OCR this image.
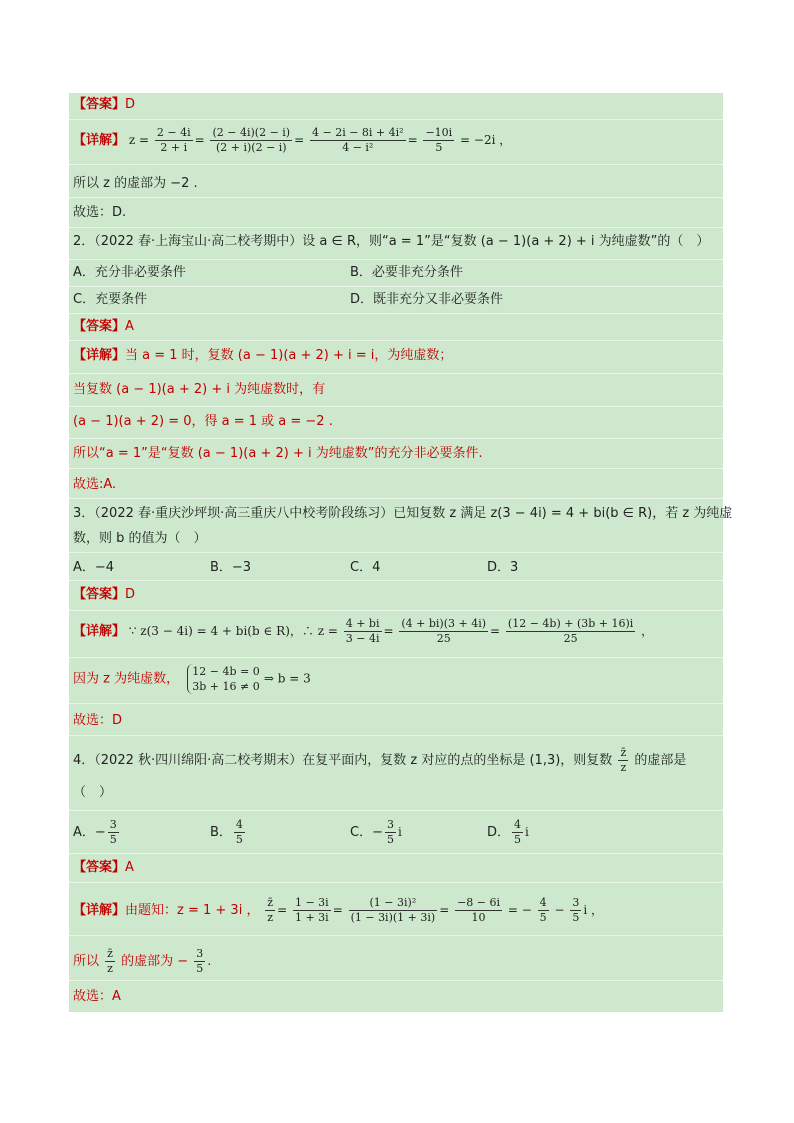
【答案】D
【详解】 $z = \frac{2 - 4i}{2 + i} = \frac{(2 - 4i)(2 - i)}{(2 + i)(2 - i)} = \frac{\text{4 − 2i − 8i + 4i²}}{\text{4 − i²}} = \frac{-10i}{5} = -2i$ ，
所以 z 的虚部为 −2 .
故选：D.
2．（2022 春·上海宝山·高二校考期中）设 a ∈ R，则“a = 1”是“复数 (a − 1)(a + 2) + i 为纯虚数”的（　）
A．充分非必要条件	B．必要非充分条件
C．充要条件	D．既非充分又非必要条件
【答案】A
【详解】当 a = 1 时，复数 (a − 1)(a + 2) + i = i，为纯虚数；
当复数 (a − 1)(a + 2) + i 为纯虚数时，有
(a − 1)(a + 2) = 0，得 a = 1 或 a = −2 .
所以“a = 1”是“复数 (a − 1)(a + 2) + i 为纯虚数”的充分非必要条件.
故选:A.
3．（2022 春·重庆沙坪坝·高三重庆八中校考阶段练习）已知复数 z 满足 z(3 − 4i) = 4 + bi(b ∈ R)，若 z 为纯虚
数，则 b 的值为（　）
A．−4	B．−3	C．4	D．3
【答案】D
【详解】 ∵ z(3 − 4i) = 4 + bi(b ∈ R)，∴ $z = \frac{4 + bi}{3 - 4i} = \frac{(4 + bi)(3 + 4i)}{25} = \frac{(12 - 4b) + (3b + 16)i}{25}$ ，
因为 z 为纯虚数， 12 − 4b = 0
3b + 16 ≠ 0
⇒ b = 3
故选：D
4．（2022 秋·四川绵阳·高二校考期末）在复平面内，复数 z 对应的点的坐标是 (1,3)，则复数 $\frac{z̄}{z}$ 的虚部是
（　）
A．− $\frac{3}{5}$	B． $\frac{4}{5}$	C．− $\frac{3}{5}$ i	D． $\frac{4}{5}$ i
【答案】A
【详解】由题知：z = 1 + 3i ， $\frac{z̄}{z} = \frac{1 - 3i}{1 + 3i} = \frac{\text{(1 − 3i)²}}{(1 - 3i)(1 + 3i)} = \frac{-8 - 6i}{10}$ = − $\frac{4}{5} - \frac{3}{5}$ i ，
所以 $\frac{z̄}{z}$ 的虚部为 − $\frac{3}{5}$ .
故选：A
